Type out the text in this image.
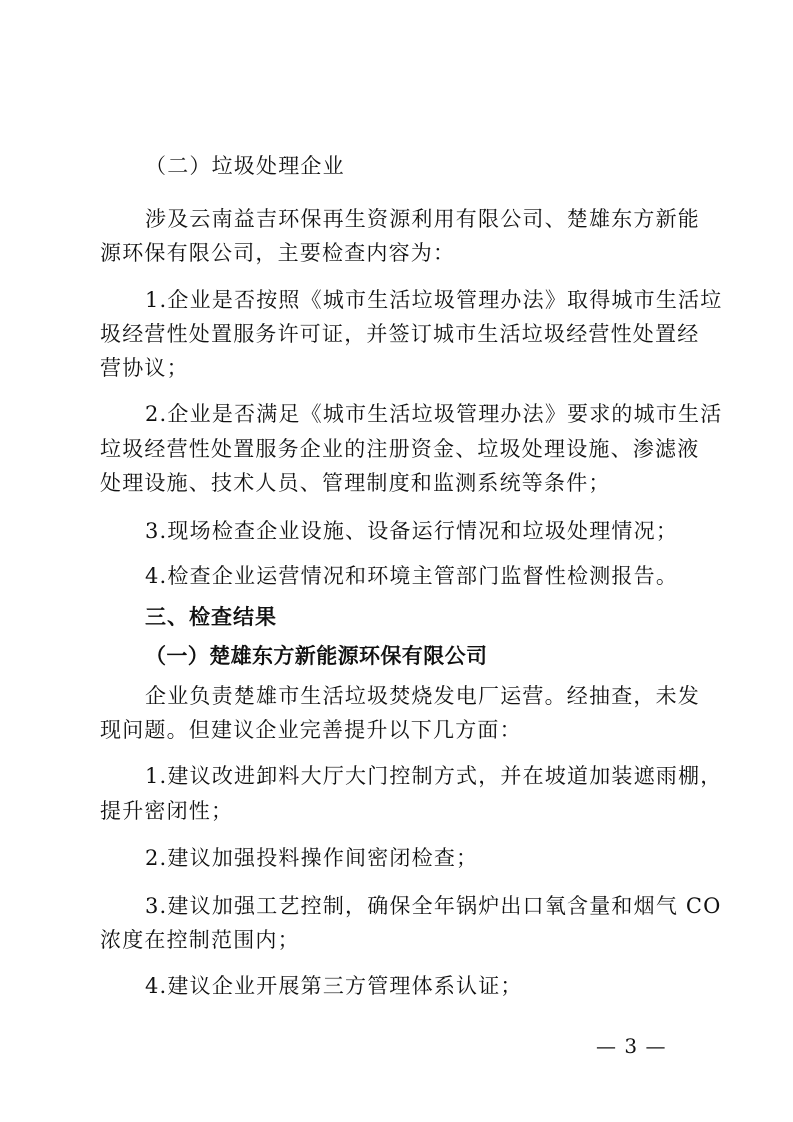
（二）垃圾处理企业
涉及云南益吉环保再生资源利用有限公司、楚雄东方新能
源环保有限公司，主要检查内容为：
1.企业是否按照《城市生活垃圾管理办法》取得城市生活垃
圾经营性处置服务许可证，并签订城市生活垃圾经营性处置经
营协议；
2.企业是否满足《城市生活垃圾管理办法》要求的城市生活
垃圾经营性处置服务企业的注册资金、垃圾处理设施、渗滤液
处理设施、技术人员、管理制度和监测系统等条件；
3.现场检查企业设施、设备运行情况和垃圾处理情况；
4.检查企业运营情况和环境主管部门监督性检测报告。
三、检查结果
（一）楚雄东方新能源环保有限公司
企业负责楚雄市生活垃圾焚烧发电厂运营。经抽查，未发
现问题。但建议企业完善提升以下几方面：
1.建议改进卸料大厅大门控制方式，并在坡道加装遮雨棚，
提升密闭性；
2.建议加强投料操作间密闭检查；
3.建议加强工艺控制，确保全年锅炉出口氧含量和烟气 CO
浓度在控制范围内；
4.建议企业开展第三方管理体系认证；
— 3 —
